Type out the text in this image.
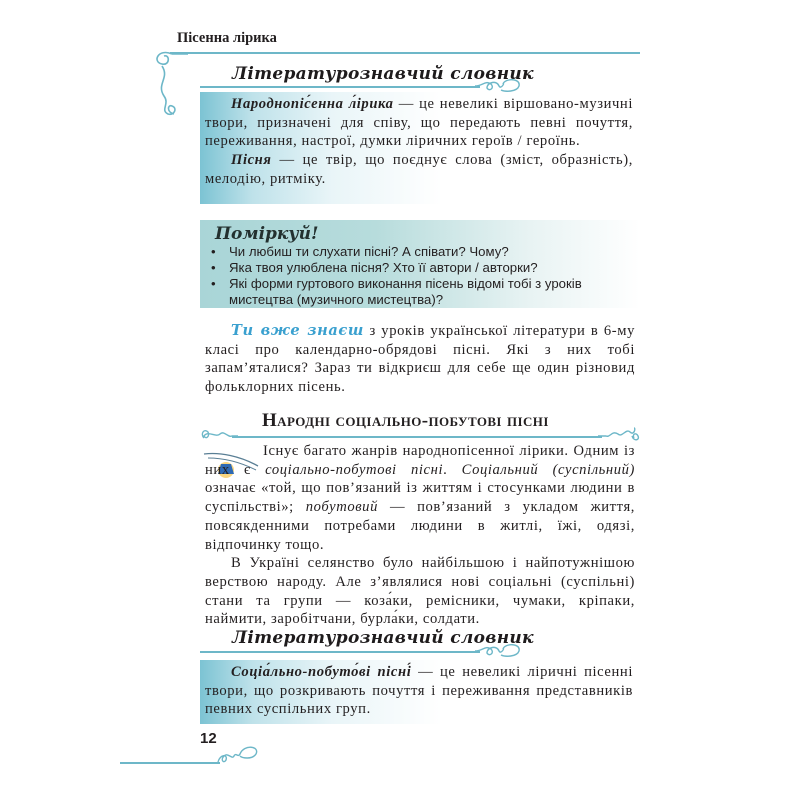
Пісенна лірика
Літературознавчий словник

Народнопіс́енна л́ірика — це невеликі віршовано-музичні твори, призначені для співу, що передають певні почуття, переживання, настрої, думки ліричних героїв / героїнь.

Пісня — це твір, що поєднує слова (зміст, образність), мелодію, ритміку.

Поміркуй!
• Чи любиш ти слухати пісні? А співати? Чому?
• Яка твоя улюблена пісня? Хто її автори / авторки?
• Які форми гуртового виконання пісень відомі тобі з уроків мистецтва (музичного мистецтва)?

Ти вже знаєш з уроків української літератури в 6-му класі про календарно-обрядові пісні. Які з них тобі запам’яталися? Зараз ти відкриєш для себе ще один різновид фольклорних пісень.

Народні соціально-побутові пісні

Існує багато жанрів народнопісенної лірики. Одним із них є соціально-побутові пісні. Соціальний (суспільний) означає «той, що пов’язаний із життям і стосунками людини в суспільстві»; побутовий — пов’язаний з укладом життя, повсякденними потребами людини в житлі, їжі, одязі, відпочинку тощо.

В Україні селянство було найбільшою і найпотужнішою верствою народу. Але з’являлися нові соціальні (суспільні) стани та групи — коза́ки, ремісники, чумаки, кріпаки, наймити, заробітчани, бурла́ки, солдати.

Літературознавчий словник

Соціа́льно-побуто́ві пісні́ — це невеликі ліричні пісенні твори, що розкривають почуття і переживання представників певних суспільних груп.

12
